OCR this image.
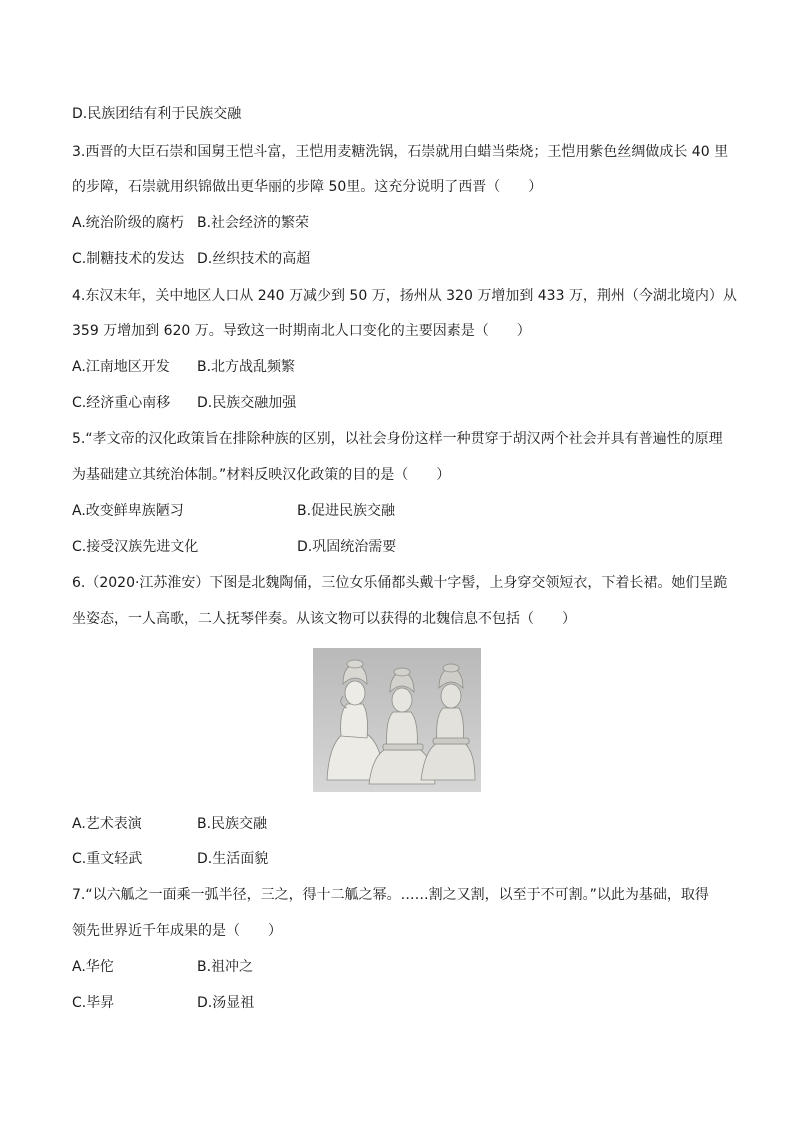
D.民族团结有利于民族交融
3.西晋的大臣石崇和国舅王恺斗富，王恺用麦糖洗锅，石崇就用白蜡当柴烧；王恺用紫色丝绸做成长 40 里
的步障，石崇就用织锦做出更华丽的步障 50里。这充分说明了西晋（　　）
A.统治阶级的腐朽 B.社会经济的繁荣
C.制糖技术的发达 D.丝织技术的高超
4.东汉末年，关中地区人口从 240 万减少到 50 万，扬州从 320 万增加到 433 万，荆州（今湖北境内）从
359 万增加到 620 万。导致这一时期南北人口变化的主要因素是（　　）
A.江南地区开发 B.北方战乱频繁
C.经济重心南移 D.民族交融加强
5.“孝文帝的汉化政策旨在排除种族的区别，以社会身份这样一种贯穿于胡汉两个社会并具有普遍性的原理
为基础建立其统治体制。”材料反映汉化政策的目的是（　　）
A.改变鲜卑族陋习	B.促进民族交融
C.接受汉族先进文化	D.巩固统治需要
6.（2020·江苏淮安）下图是北魏陶俑，三位女乐俑都头戴十字髻，上身穿交领短衣，下着长裙。她们呈跪
坐姿态，一人高歌，二人抚琴伴奏。从该文物可以获得的北魏信息不包括（　　）
A.艺术表演	B.民族交融
C.重文轻武	D.生活面貌
7.“以六觚之一面乘一弧半径，三之，得十二觚之幂。……割之又割，以至于不可割。”以此为基础，取得
领先世界近千年成果的是（　　）
A.华佗	B.祖冲之
C.毕昇	D.汤显祖
